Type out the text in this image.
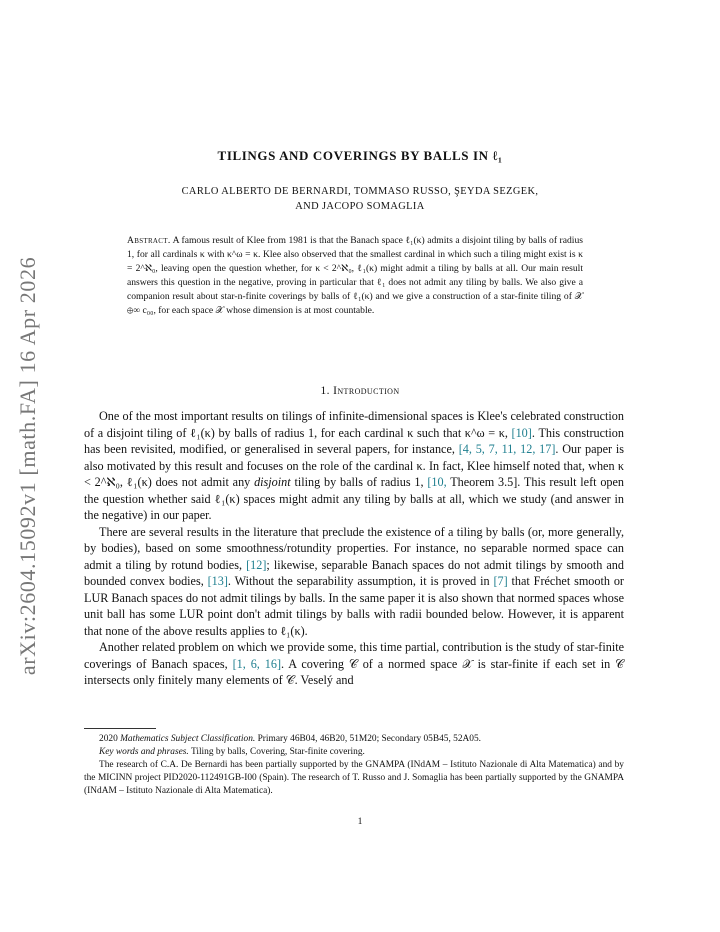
arXiv:2604.15092v1 [math.FA] 16 Apr 2026
TILINGS AND COVERINGS BY BALLS IN ℓ₁
CARLO ALBERTO DE BERNARDI, TOMMASO RUSSO, ŞEYDA SEZGEK,
AND JACOPO SOMAGLIA
Abstract. A famous result of Klee from 1981 is that the Banach space ℓ₁(κ) admits a disjoint tiling by balls of radius 1, for all cardinals κ with κ^ω = κ. Klee also observed that the smallest cardinal in which such a tiling might exist is κ = 2^ℵ₀, leaving open the question whether, for κ < 2^ℵ₀, ℓ₁(κ) might admit a tiling by balls at all. Our main result answers this question in the negative, proving in particular that ℓ₁ does not admit any tiling by balls. We also give a companion result about star-n-finite coverings by balls of ℓ₁(κ) and we give a construction of a star-finite tiling of 𝒳 ⊕∞ c₀₀, for each space 𝒳 whose dimension is at most countable.
1. Introduction

One of the most important results on tilings of infinite-dimensional spaces is Klee's celebrated construction of a disjoint tiling of ℓ₁(κ) by balls of radius 1, for each cardinal κ such that κ^ω = κ, [10]. This construction has been revisited, modified, or generalised in several papers, for instance, [4, 5, 7, 11, 12, 17]. Our paper is also motivated by this result and focuses on the role of the cardinal κ. In fact, Klee himself noted that, when κ < 2^ℵ₀, ℓ₁(κ) does not admit any disjoint tiling by balls of radius 1, [10, Theorem 3.5]. This result left open the question whether said ℓ₁(κ) spaces might admit any tiling by balls at all, which we study (and answer in the negative) in our paper.

There are several results in the literature that preclude the existence of a tiling by balls (or, more generally, by bodies), based on some smoothness/rotundity properties. For instance, no separable normed space can admit a tiling by rotund bodies, [12]; likewise, separable Banach spaces do not admit tilings by smooth and bounded convex bodies, [13]. Without the separability assumption, it is proved in [7] that Fréchet smooth or LUR Banach spaces do not admit tilings by balls. In the same paper it is also shown that normed spaces whose unit ball has some LUR point don't admit tilings by balls with radii bounded below. However, it is apparent that none of the above results applies to ℓ₁(κ).

Another related problem on which we provide some, this time partial, contribution is the study of star-finite coverings of Banach spaces, [1, 6, 16]. A covering 𝒞 of a normed space 𝒳 is star-finite if each set in 𝒞 intersects only finitely many elements of 𝒞. Veselý and

2020 Mathematics Subject Classification. Primary 46B04, 46B20, 51M20; Secondary 05B45, 52A05.

Key words and phrases. Tiling by balls, Covering, Star-finite covering.

The research of C.A. De Bernardi has been partially supported by the GNAMPA (INdAM – Istituto Nazionale di Alta Matematica) and by the MICINN project PID2020-112491GB-I00 (Spain). The research of T. Russo and J. Somaglia has been partially supported by the GNAMPA (INdAM – Istituto Nazionale di Alta Matematica).

1
